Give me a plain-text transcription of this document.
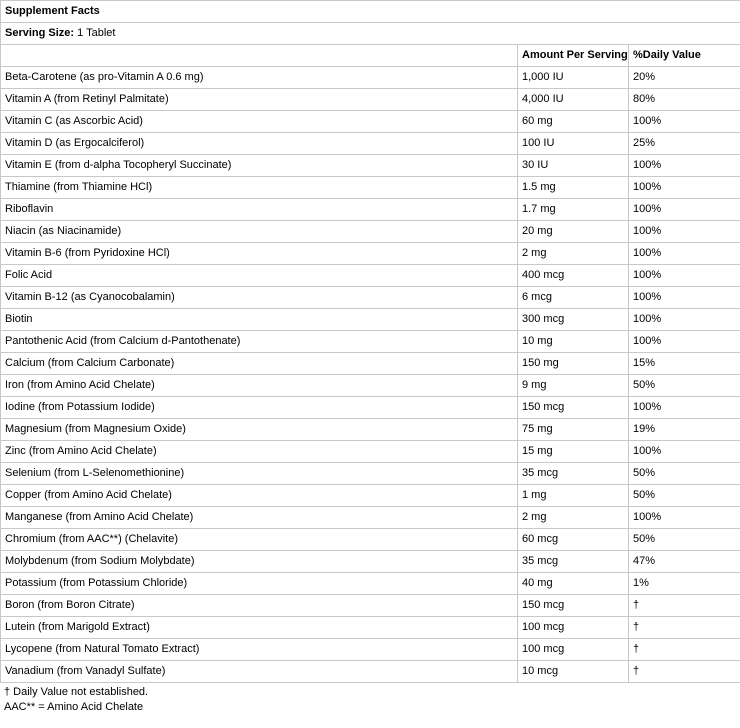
Supplement Facts		
Serving Size: 1 Tablet		
	Amount Per Serving	%Daily Value
Beta-Carotene (as pro-Vitamin A 0.6 mg)	1,000 IU	20%
Vitamin A (from Retinyl Palmitate)	4,000 IU	80%
Vitamin C (as Ascorbic Acid)	60 mg	100%
Vitamin D (as Ergocalciferol)	100 IU	25%
Vitamin E (from d-alpha Tocopheryl Succinate)	30 IU	100%
Thiamine (from Thiamine HCl)	1.5 mg	100%
Riboflavin	1.7 mg	100%
Niacin (as Niacinamide)	20 mg	100%
Vitamin B-6 (from Pyridoxine HCl)	2 mg	100%
Folic Acid	400 mcg	100%
Vitamin B-12 (as Cyanocobalamin)	6 mcg	100%
Biotin	300 mcg	100%
Pantothenic Acid (from Calcium d-Pantothenate)	10 mg	100%
Calcium (from Calcium Carbonate)	150 mg	15%
Iron (from Amino Acid Chelate)	9 mg	50%
Iodine (from Potassium Iodide)	150 mcg	100%
Magnesium (from Magnesium Oxide)	75 mg	19%
Zinc (from Amino Acid Chelate)	15 mg	100%
Selenium (from L-Selenomethionine)	35 mcg	50%
Copper (from Amino Acid Chelate)	1 mg	50%
Manganese (from Amino Acid Chelate)	2 mg	100%
Chromium (from AAC**) (Chelavite)	60 mcg	50%
Molybdenum (from Sodium Molybdate)	35 mcg	47%
Potassium (from Potassium Chloride)	40 mg	1%
Boron (from Boron Citrate)	150 mcg	†
Lutein (from Marigold Extract)	100 mcg	†
Lycopene (from Natural Tomato Extract)	100 mcg	†
Vanadium (from Vanadyl Sulfate)	10 mcg	†
† Daily Value not established.
AAC** = Amino Acid Chelate
